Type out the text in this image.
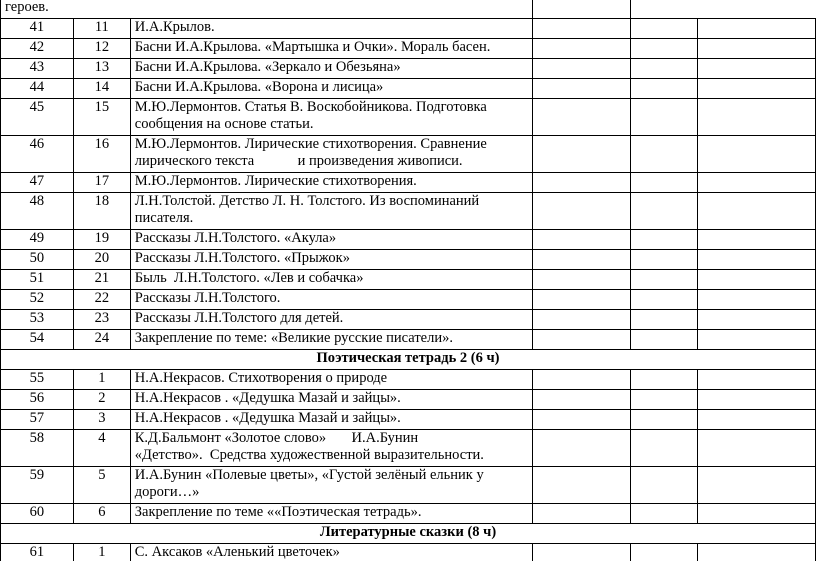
героев.					
41	11	И.А.Крылов.			
42	12	Басни И.А.Крылова. «Мартышка и Очки». Мораль басен.			
43	13	Басни И.А.Крылова. «Зеркало и Обезьяна»			
44	14	Басни И.А.Крылова. «Ворона и лисица»			
45	15	М.Ю.Лермонтов. Статья В. Воскобойникова. Подготовка
сообщения на основе статьи.			
46	16	М.Ю.Лермонтов. Лирические стихотворения. Сравнение
лирического текста            и произведения живописи.			
47	17	М.Ю.Лермонтов. Лирические стихотворения.			
48	18	Л.Н.Толстой. Детство Л. Н. Толстого. Из воспоминаний
писателя.			
49	19	Рассказы Л.Н.Толстого. «Акула»			
50	20	Рассказы Л.Н.Толстого. «Прыжок»			
51	21	Быль  Л.Н.Толстого. «Лев и собачка»			
52	22	Рассказы Л.Н.Толстого.			
53	23	Рассказы Л.Н.Толстого для детей.			
54	24	Закрепление по теме: «Великие русские писатели».			
Поэтическая тетрадь 2 (6 ч)					
55	1	Н.А.Некрасов. Стихотворения о природе			
56	2	Н.А.Некрасов . «Дедушка Мазай и зайцы».			
57	3	Н.А.Некрасов . «Дедушка Мазай и зайцы».			
58	4	К.Д.Бальмонт «Золотое слово»       И.А.Бунин
«Детство».  Средства художественной выразительности.			
59	5	И.А.Бунин «Полевые цветы», «Густой зелёный ельник у
дороги…»			
60	6	Закрепление по теме ««Поэтическая тетрадь».			
Литературные сказки (8 ч)					
61	1	С. Аксаков «Аленький цветочек»			
